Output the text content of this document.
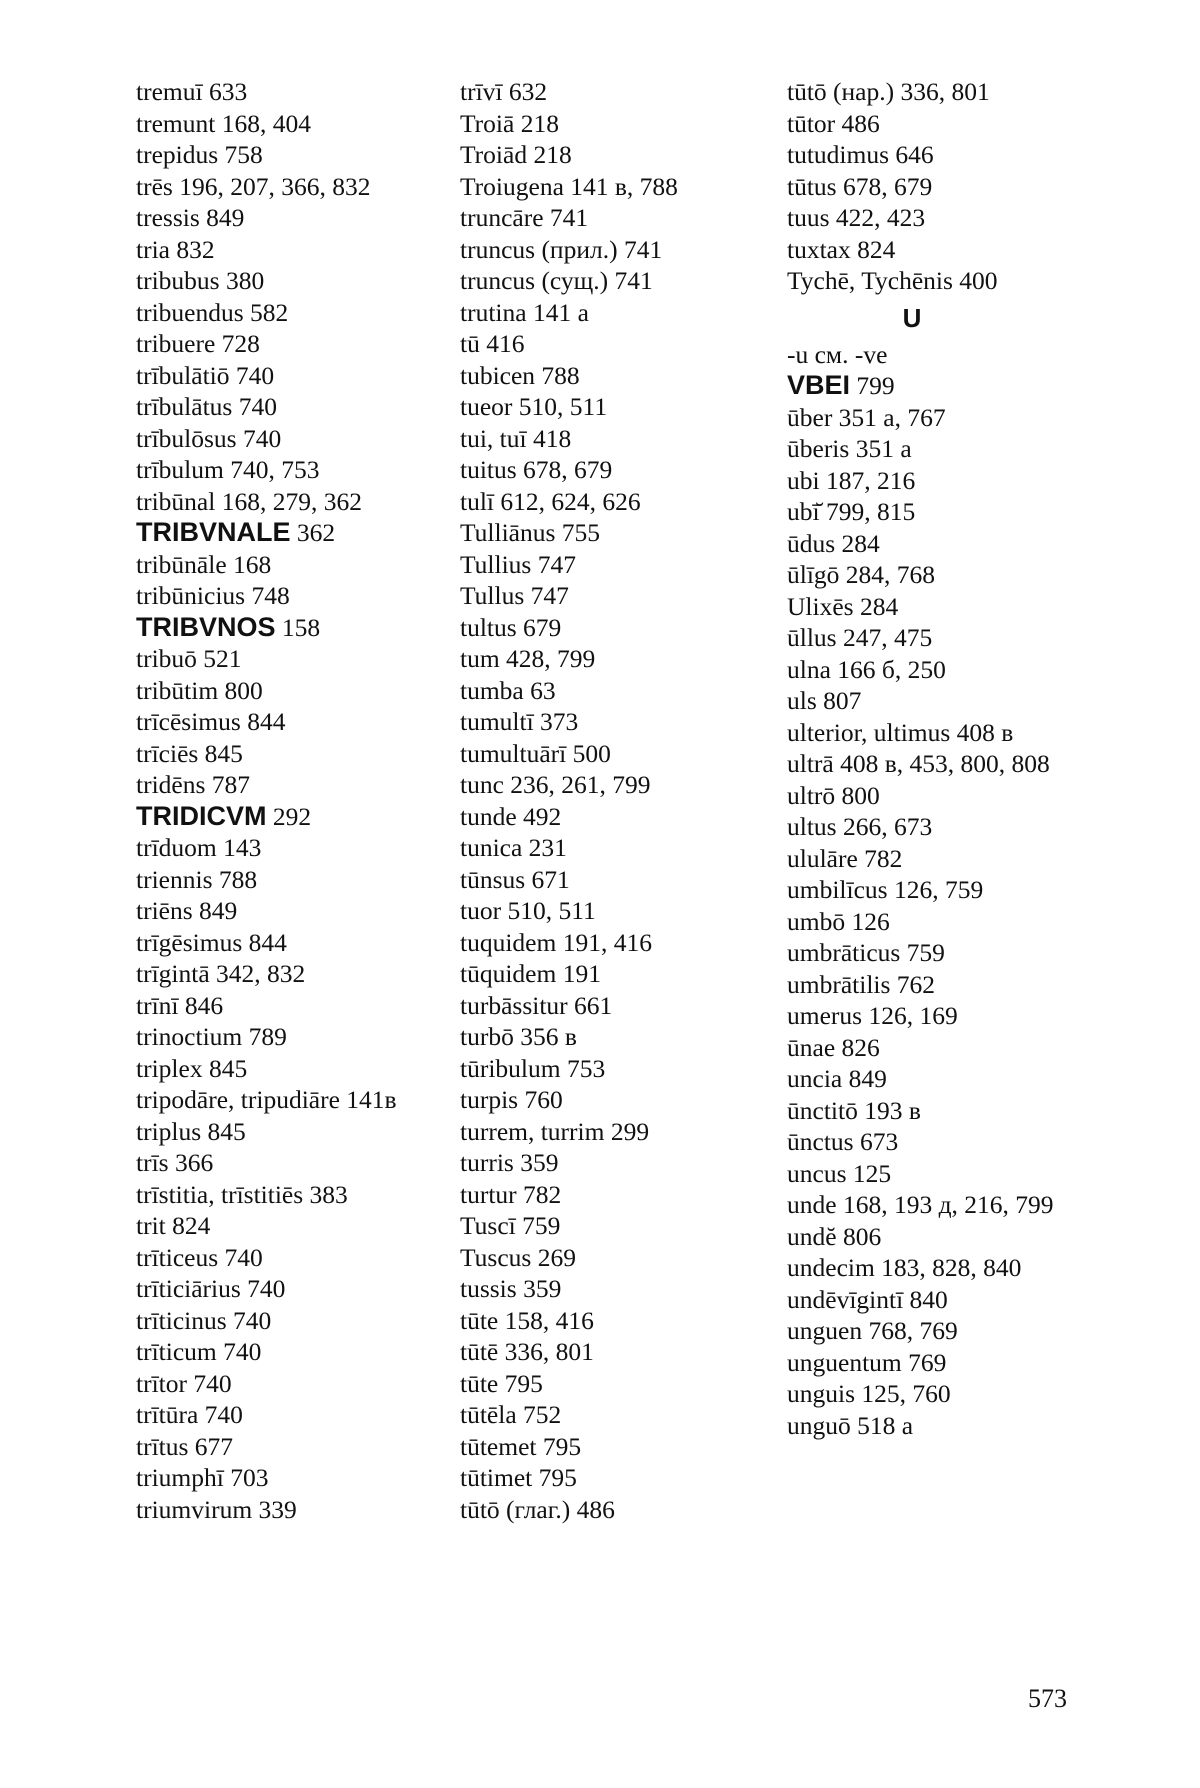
tremuī 633
tremunt 168, 404
trepidus 758
trēs 196, 207, 366, 832
tressis 849
tria 832
tribubus 380
tribuendus 582
tribuere 728
trībulātiō 740
trībulātus 740
trībulōsus 740
trībulum 740, 753
tribūnal 168, 279, 362
TRIBVNALE 362
tribūnāle 168
tribūnicius 748
TRIBVNOS 158
tribuō 521
tribūtim 800
trīcēsimus 844
trīciēs 845
tridēns 787
TRIDICVM 292
trīduom 143
triennis 788
triēns 849
trīgēsimus 844
trīgintā 342, 832
trīnī 846
trinoctium 789
triplex 845
tripodāre, tripudiāre 141в
triplus 845
trīs 366
trīstitia, trīstitiēs 383
trit 824
trīticeus 740
trīticiārius 740
trīticinus 740
trīticum 740
trītor 740
trītūra 740
trītus 677
triumphī 703
triumvirum 339
trīvī 632
Troiā 218
Troiād 218
Troiugena 141 в, 788
truncāre 741
truncus (прил.) 741
truncus (сущ.) 741
trutina 141 а
tū 416
tubicen 788
tueor 510, 511
tui, tuī 418
tuitus 678, 679
tulī 612, 624, 626
Tulliānus 755
Tullius 747
Tullus 747
tultus 679
tum 428, 799
tumba 63
tumultī 373
tumultuārī 500
tunc 236, 261, 799
tunde 492
tunica 231
tūnsus 671
tuor 510, 511
tuquidem 191, 416
tūquidem 191
turbāssitur 661
turbō 356 в
tūribulum 753
turpis 760
turrem, turrim 299
turris 359
turtur 782
Tuscī 759
Tuscus 269
tussis 359
tūte 158, 416
tūtē 336, 801
tūte 795
tūtēla 752
tūtemet 795
tūtimet 795
tūtō (глаг.) 486
tūtō (нар.) 336, 801
tūtor 486
tutudimus 646
tūtus 678, 679
tuus 422, 423
tuxtax 824
Tychē, Tychēnis 400
U
-u см. -ve
VBEI 799
ūber 351 а, 767
ūberis 351 а
ubi 187, 216
ubī̆ 799, 815
ūdus 284
ūlīgō 284, 768
Ulixēs 284
ūllus 247, 475
ulna 166 б, 250
uls 807
ulterior, ultimus 408 в
ultrā 408 в, 453, 800, 808
ultrō 800
ultus 266, 673
ululāre 782
umbilīcus 126, 759
umbō 126
umbrāticus 759
umbrātilis 762
umerus 126, 169
ūnae 826
uncia 849
ūnctitō 193 в
ūnctus 673
uncus 125
unde 168, 193 д, 216, 799
undĕ 806
undecim 183, 828, 840
undēvīgintī 840
unguen 768, 769
unguentum 769
unguis 125, 760
unguō 518 а
573
